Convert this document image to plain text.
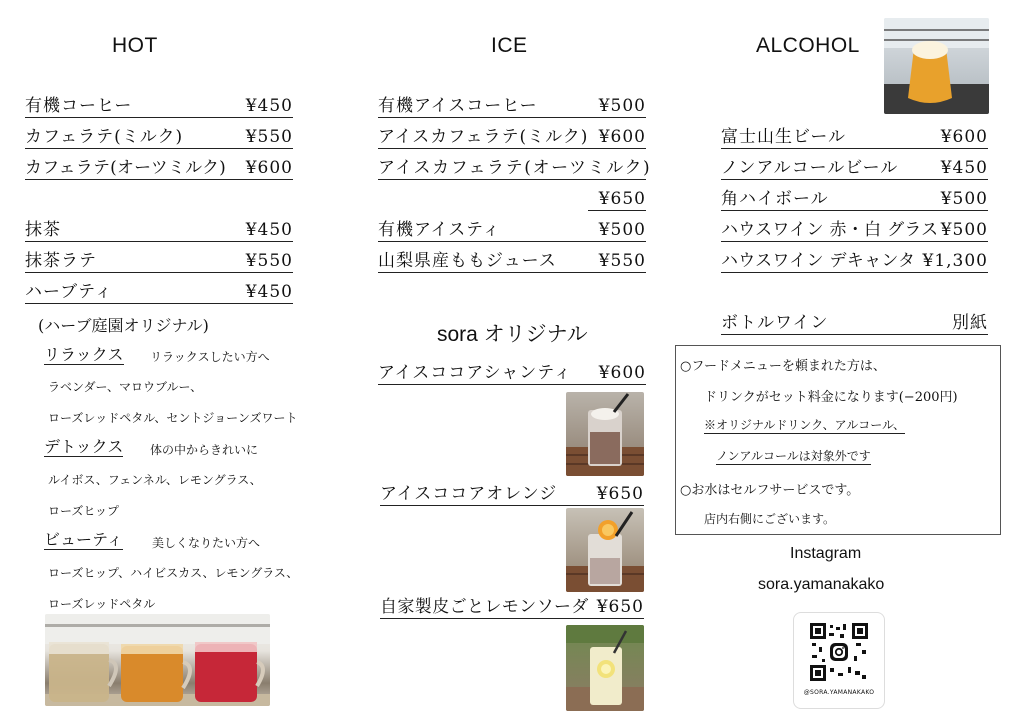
HOT
有機コーヒー	¥450
カフェラテ(ミルク)	¥550
カフェラテ(オーツミルク) ¥600
抹茶	¥450
抹茶ラテ	¥550
ハーブティ	¥450
(ハーブ庭園オリジナル)
リラックス リラックスしたい方へ
ラベンダー、マロウブルー、
ローズレッドペタル、セントジョーンズワート
デトックス 体の中からきれいに
ルイボス、フェンネル、レモングラス、
ローズヒップ
ビューティ 美しくなりたい方へ
ローズヒップ、ハイビスカス、レモングラス、
ローズレッドペタル
ICE
有機アイスコーヒー	¥500
アイスカフェラテ(ミルク) ¥600
アイスカフェラテ(オーツミルク)
¥650
有機アイスティ	¥500
山梨県産ももジュース ¥550
sora オリジナル
アイスココアシャンティ ¥600
アイスココアオレンジ ¥650
自家製皮ごとレモンソーダ ¥650
ALCOHOL
富士山生ビール	¥600
ノンアルコールビール ¥450
角ハイボール	¥500
ハウスワイン 赤・白 グラス ¥500
ハウスワイン デキャンタ ¥1,300
ボトルワイン	別紙
○フードメニューを頼まれた方は、
ドリンクがセット料金になります(−200円)
※オリジナルドリンク、アルコール、
ノンアルコールは対象外です
○お水はセルフサービスです。
店内右側にございます。
Instagram
sora.yamanakako
@SORA.YAMANAKAKO
